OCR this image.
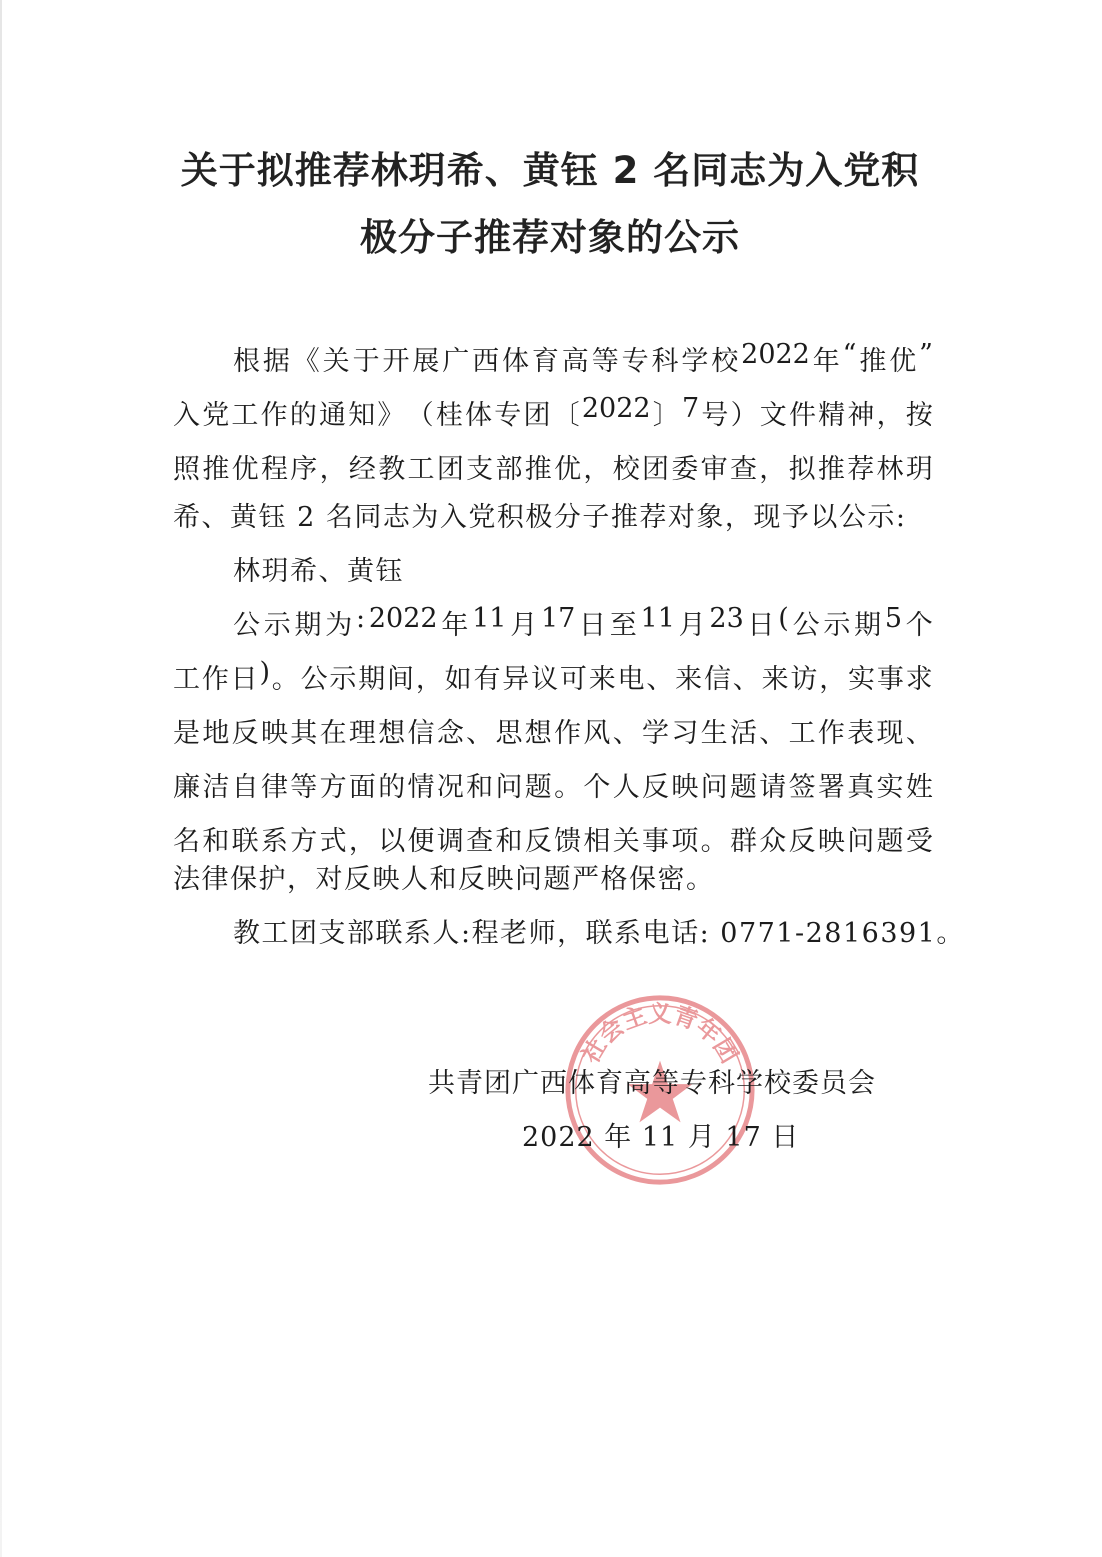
关于拟推荐林玥希、黄钰 2 名同志为入党积
极分子推荐对象的公示
根 据 《 关 于 开 展 广 西 体 育 高 等 专 科 学 校 2022 年 “ 推 优 ”
入 党 工 作 的 通 知 》 （ 桂 体 专 团 〔 2022 〕 7 号 ） 文 件 精 神 ， 按
照 推 优 程 序 ， 经 教 工 团 支 部 推 优 ， 校 团 委 审 查 ， 拟 推 荐 林 玥
希、黄钰 2 名同志为入党积极分子推荐对象，现予以公示:
林玥希、黄钰
公 示 期 为 : 2022 年 11 月 17 日 至 11 月 23 日 ( 公 示 期 5 个
工 作 日 ) 。 公 示 期 间 ， 如 有 异 议 可 来 电 、 来 信 、 来 访 ， 实 事 求
是 地 反 映 其 在 理 想 信 念 、 思 想 作 风 、 学 习 生 活 、 工 作 表 现 、
廉 洁 自 律 等 方 面 的 情 况 和 问 题 。 个 人 反 映 问 题 请 签 署 真 实 姓
名 和 联 系 方 式 ， 以 便 调 查 和 反 馈 相 关 事 项 。 群 众 反 映 问 题 受
法律保护，对反映人和反映问题严格保密。
教工团支部联系人:程老师，联系电话: 0771-2816391。
社会主义青年团
共青团广西体育高等专科学校委员会
2022 年 11 月 17 日
